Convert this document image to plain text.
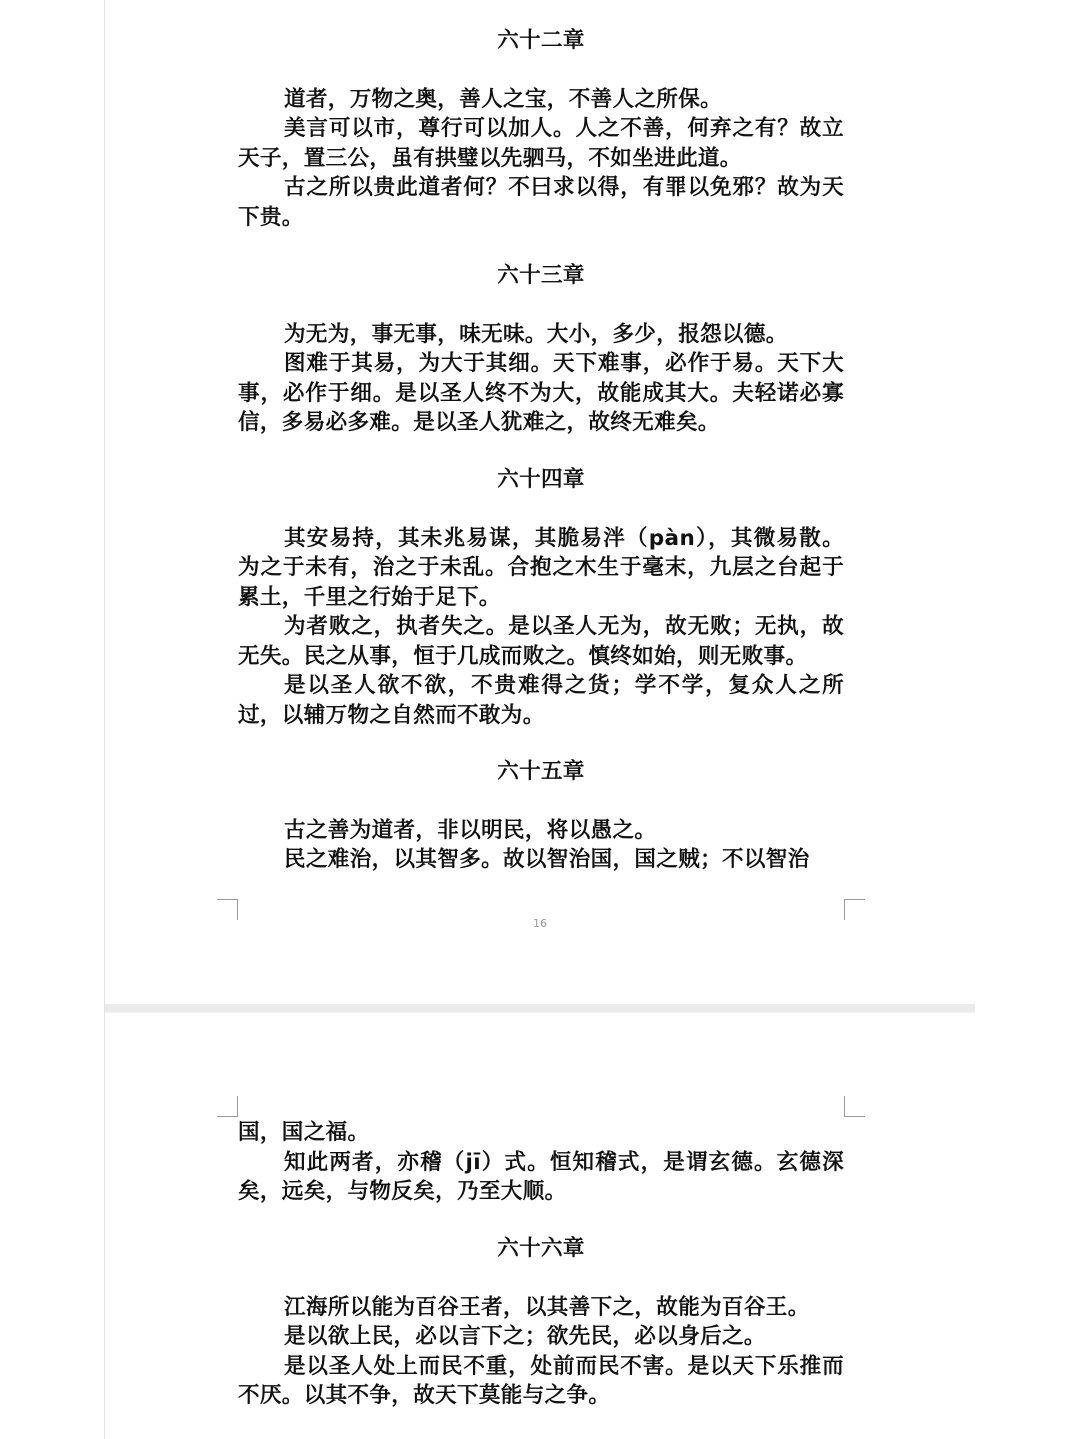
六十二章

道者，万物之奥，善人之宝，不善人之所保。

美言可以市，尊行可以加人。人之不善，何弃之有？故立天子，置三公，虽有拱璧以先驷马，不如坐进此道。

古之所以贵此道者何？不曰求以得，有罪以免邪？故为天下贵。

六十三章

为无为，事无事，味无味。大小，多少，报怨以德。

图难于其易，为大于其细。天下难事，必作于易。天下大事，必作于细。是以圣人终不为大，故能成其大。夫轻诺必寡信，多易必多难。是以圣人犹难之，故终无难矣。

六十四章

其安易持，其未兆易谋，其脆易泮（pàn），其微易散。为之于未有，治之于未乱。合抱之木生于毫末，九层之台起于累土，千里之行始于足下。

为者败之，执者失之。是以圣人无为，故无败；无执，故无失。民之从事，恒于几成而败之。慎终如始，则无败事。

是以圣人欲不欲，不贵难得之货；学不学，复众人之所过，以辅万物之自然而不敢为。

六十五章

古之善为道者，非以明民，将以愚之。

民之难治，以其智多。故以智治国，国之贼；不以智治

16

国，国之福。

知此两者，亦稽（jī）式。恒知稽式，是谓玄德。玄德深矣，远矣，与物反矣，乃至大顺。

六十六章

江海所以能为百谷王者，以其善下之，故能为百谷王。

是以欲上民，必以言下之；欲先民，必以身后之。

是以圣人处上而民不重，处前而民不害。是以天下乐推而不厌。以其不争，故天下莫能与之争。
